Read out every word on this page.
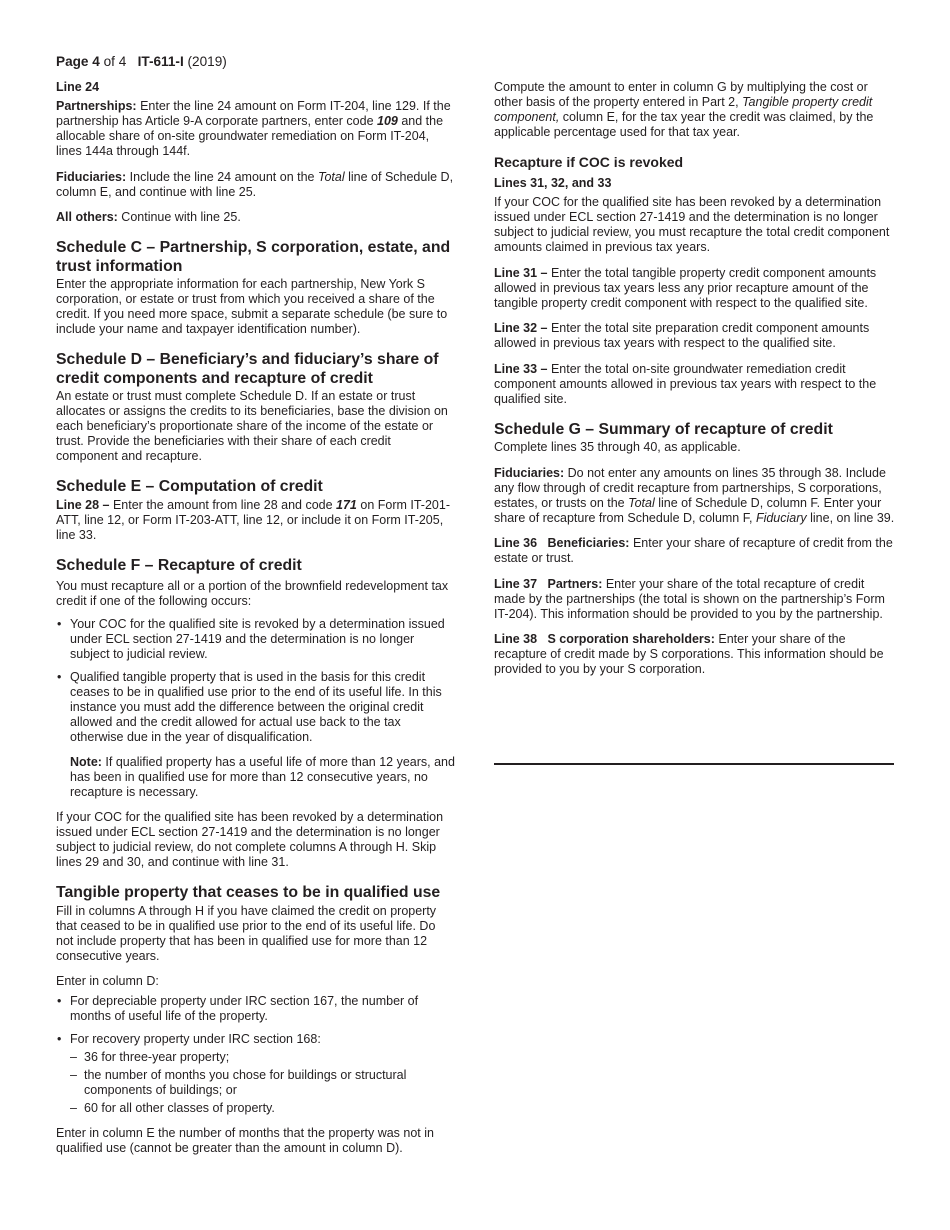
Page 4 of 4 IT-611-I (2019)
Line 24

Partnerships: Enter the line 24 amount on Form IT-204, line 129. If the partnership has Article 9-A corporate partners, enter code 109 and the allocable share of on-site groundwater remediation on Form IT-204, lines 144a through 144f.

Fiduciaries: Include the line 24 amount on the Total line of Schedule D, column E, and continue with line 25.

All others: Continue with line 25.

Schedule C – Partnership, S corporation, estate, and trust information

Enter the appropriate information for each partnership, New York S corporation, or estate or trust from which you received a share of the credit. If you need more space, submit a separate schedule (be sure to include your name and taxpayer identification number).

Schedule D – Beneficiary’s and fiduciary’s share of credit components and recapture of credit

An estate or trust must complete Schedule D. If an estate or trust allocates or assigns the credits to its beneficiaries, base the division on each beneficiary’s proportionate share of the income of the estate or trust. Provide the beneficiaries with their share of each credit component and recapture.

Schedule E – Computation of credit

Line 28 – Enter the amount from line 28 and code 171 on Form IT-201-ATT, line 12, or Form IT-203-ATT, line 12, or include it on Form IT-205, line 33.

Schedule F – Recapture of credit

You must recapture all or a portion of the brownfield redevelopment tax credit if one of the following occurs:

• Your COC for the qualified site is revoked by a determination issued under ECL section 27-1419 and the determination is no longer subject to judicial review.
• Qualified tangible property that is used in the basis for this credit ceases to be in qualified use prior to the end of its useful life. In this instance you must add the difference between the original credit allowed and the credit allowed for actual use back to the tax otherwise due in the year of disqualification.

Note: If qualified property has a useful life of more than 12 years, and has been in qualified use for more than 12 consecutive years, no recapture is necessary.

If your COC for the qualified site has been revoked by a determination issued under ECL section 27-1419 and the determination is no longer subject to judicial review, do not complete columns A through H. Skip lines 29 and 30, and continue with line 31.

Tangible property that ceases to be in qualified use

Fill in columns A through H if you have claimed the credit on property that ceased to be in qualified use prior to the end of its useful life. Do not include property that has been in qualified use for more than 12 consecutive years.

Enter in column D:

• For depreciable property under IRC section 167, the number of months of useful life of the property.
• For recovery property under IRC section 168:
– 36 for three-year property;
– the number of months you chose for buildings or structural components of buildings; or
– 60 for all other classes of property.

Enter in column E the number of months that the property was not in qualified use (cannot be greater than the amount in column D).

Compute the amount to enter in column G by multiplying the cost or other basis of the property entered in Part 2, Tangible property credit component, column E, for the tax year the credit was claimed, by the applicable percentage used for that tax year.

Recapture if COC is revoked
Lines 31, 32, and 33

If your COC for the qualified site has been revoked by a determination issued under ECL section 27-1419 and the determination is no longer subject to judicial review, you must recapture the total credit component amounts claimed in previous tax years.

Line 31 – Enter the total tangible property credit component amounts allowed in previous tax years less any prior recapture amount of the tangible property credit component with respect to the qualified site.

Line 32 – Enter the total site preparation credit component amounts allowed in previous tax years with respect to the qualified site.

Line 33 – Enter the total on-site groundwater remediation credit component amounts allowed in previous tax years with respect to the qualified site.

Schedule G – Summary of recapture of credit

Complete lines 35 through 40, as applicable.

Fiduciaries: Do not enter any amounts on lines 35 through 38. Include any flow through of credit recapture from partnerships, S corporations, estates, or trusts on the Total line of Schedule D, column F. Enter your share of recapture from Schedule D, column F, Fiduciary line, on line 39.

Line 36   Beneficiaries: Enter your share of recapture of credit from the estate or trust.

Line 37   Partners: Enter your share of the total recapture of credit made by the partnerships (the total is shown on the partnership’s Form IT-204). This information should be provided to you by the partnership.

Line 38   S corporation shareholders: Enter your share of the recapture of credit made by S corporations. This information should be provided to you by your S corporation.
